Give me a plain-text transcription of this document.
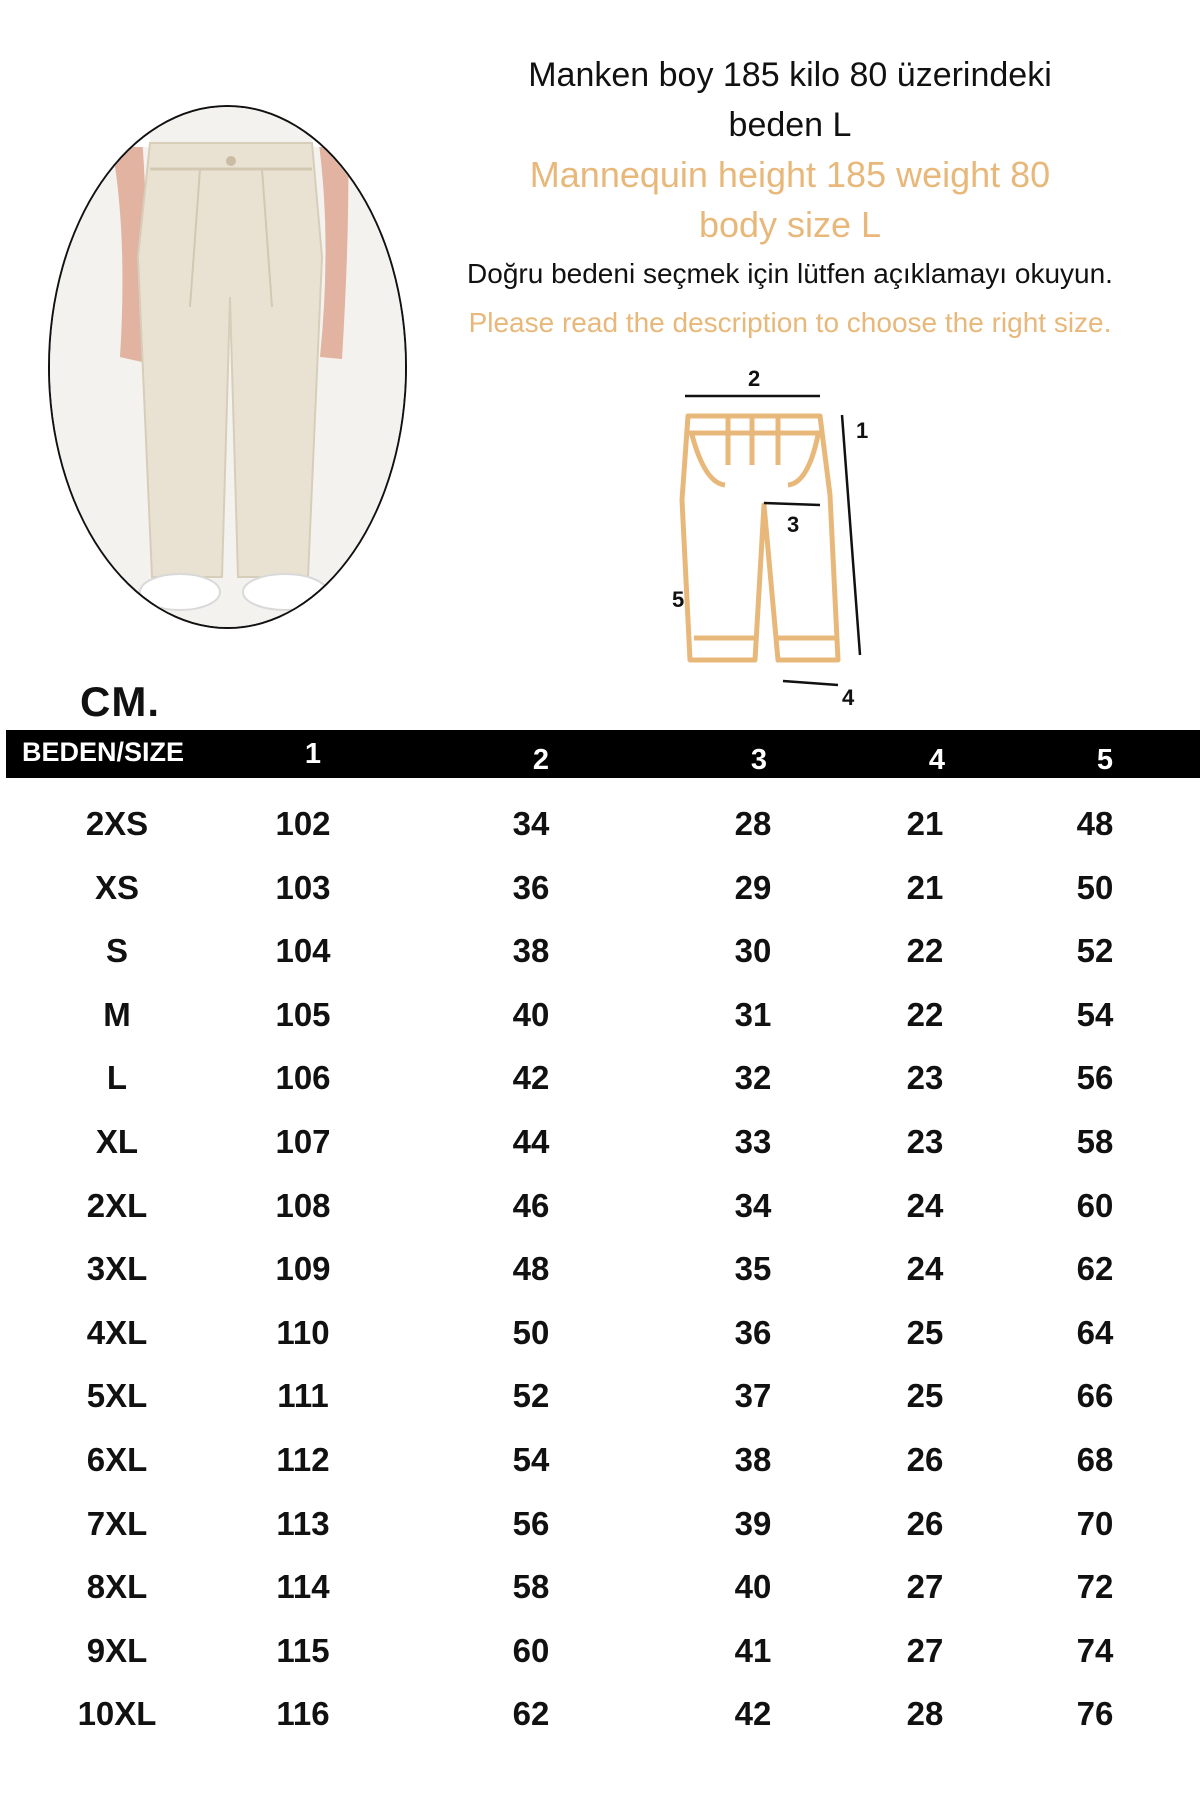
Manken boy 185 kilo 80 üzerindeki
beden L
Mannequin height 185 weight 80
body size L
Doğru bedeni seçmek için lütfen açıklamayı okuyun.
Please read the description to choose the right size.
2
1
3
5
4
CM.
BEDEN/SIZE	1	2	3	4	5
2XS	102	34	28	21	48
XS	103	36	29	21	50
S	104	38	30	22	52
M	105	40	31	22	54
L	106	42	32	23	56
XL	107	44	33	23	58
2XL	108	46	34	24	60
3XL	109	48	35	24	62
4XL	110	50	36	25	64
5XL	111	52	37	25	66
6XL	112	54	38	26	68
7XL	113	56	39	26	70
8XL	114	58	40	27	72
9XL	115	60	41	27	74
10XL	116	62	42	28	76
